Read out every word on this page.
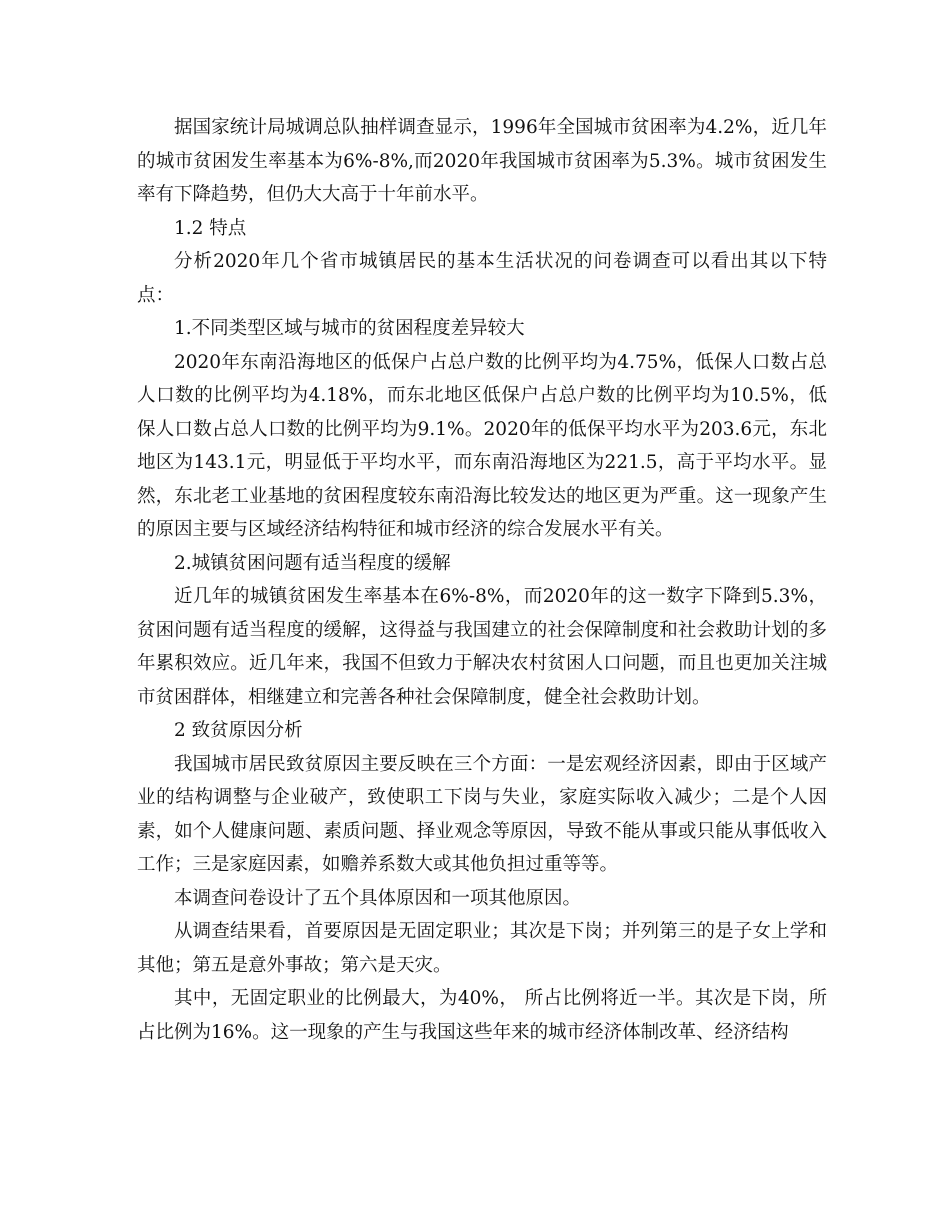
据国家统计局城调总队抽样调查显示，1996年全国城市贫困率为4.2%，近几年的城市贫困发生率基本为6%-8%,而2020年我国城市贫困率为5.3%。城市贫困发生率有下降趋势，但仍大大高于十年前水平。

1.2 特点

分析2020年几个省市城镇居民的基本生活状况的问卷调查可以看出其以下特点：

1.不同类型区域与城市的贫困程度差异较大

2020年东南沿海地区的低保户占总户数的比例平均为4.75%，低保人口数占总人口数的比例平均为4.18%，而东北地区低保户占总户数的比例平均为10.5%，低保人口数占总人口数的比例平均为9.1%。2020年的低保平均水平为203.6元，东北地区为143.1元，明显低于平均水平，而东南沿海地区为221.5，高于平均水平。显然，东北老工业基地的贫困程度较东南沿海比较发达的地区更为严重。这一现象产生的原因主要与区域经济结构特征和城市经济的综合发展水平有关。

2.城镇贫困问题有适当程度的缓解

近几年的城镇贫困发生率基本在6%-8%，而2020年的这一数字下降到5.3%，贫困问题有适当程度的缓解，这得益与我国建立的社会保障制度和社会救助计划的多年累积效应。近几年来，我国不但致力于解决农村贫困人口问题，而且也更加关注城市贫困群体，相继建立和完善各种社会保障制度，健全社会救助计划。

2 致贫原因分析

我国城市居民致贫原因主要反映在三个方面：一是宏观经济因素，即由于区域产业的结构调整与企业破产，致使职工下岗与失业，家庭实际收入减少；二是个人因素，如个人健康问题、素质问题、择业观念等原因，导致不能从事或只能从事低收入工作；三是家庭因素，如赡养系数大或其他负担过重等等。

本调查问卷设计了五个具体原因和一项其他原因。

从调查结果看，首要原因是无固定职业；其次是下岗；并列第三的是子女上学和其他；第五是意外事故；第六是天灾。

其中，无固定职业的比例最大，为40%， 所占比例将近一半。其次是下岗，所占比例为16%。这一现象的产生与我国这些年来的城市经济体制改革、经济结构
